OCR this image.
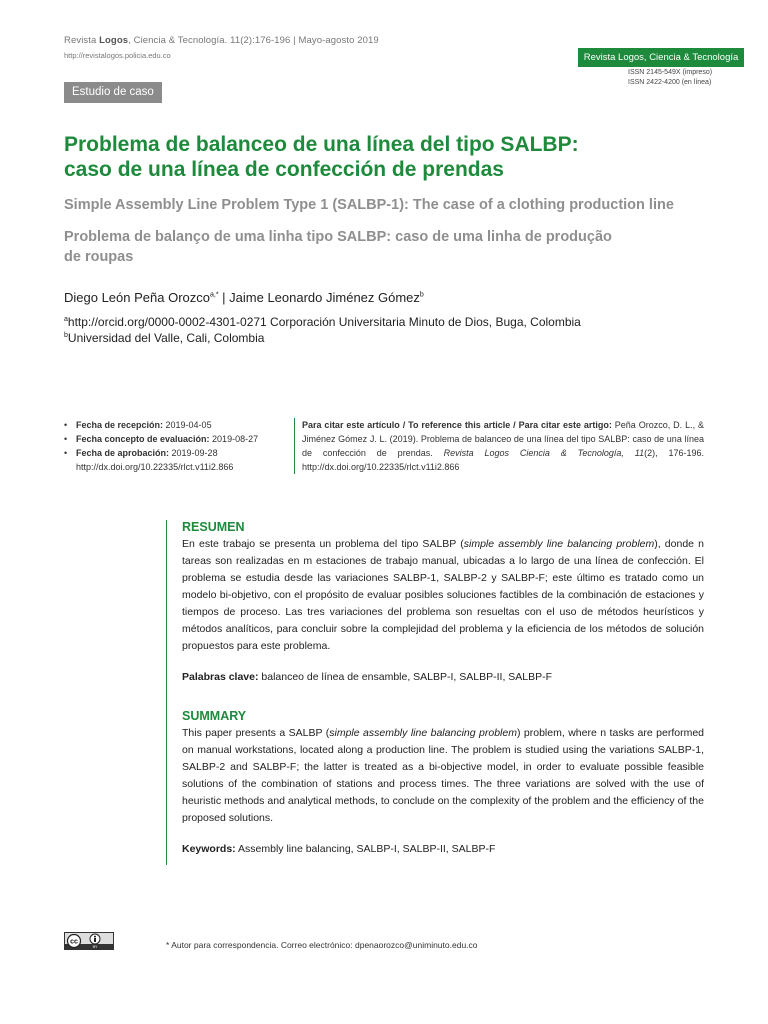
Revista Logos, Ciencia & Tecnología. 11(2):176-196 | Mayo-agosto 2019
http://revistalogos.policia.edu.co	Revista Logos, Ciencia & Tecnología
ISSN 2145-549X (impreso)
ISSN 2422-4200 (en línea)
Estudio de caso
Problema de balanceo de una línea del tipo SALBP:
caso de una línea de confección de prendas
Simple Assembly Line Problem Type 1 (SALBP-1): The case of a clothing production line
Problema de balanço de uma linha tipo SALBP: caso de uma linha de produção
de roupas
Diego León Peña Orozco$^{a,*}$ | Jaime Leonardo Jiménez Gómez$^b$
$^a$http://orcid.org/0000-0002-4301-0271 Corporación Universitaria Minuto de Dios, Buga, Colombia
$^b$Universidad del Valle, Cali, Colombia
• Fecha de recepción: 2019-04-05
• Fecha concepto de evaluación: 2019-08-27
• Fecha de aprobación: 2019-09-28
http://dx.doi.org/10.22335/rlct.v11i2.866
Para citar este artículo / To reference this article / Para citar este artigo: Peña Orozco, D. L., & Jiménez Gómez J. L. (2019). Problema de balanceo de una línea del tipo SALBP: caso de una línea de confección de prendas. Revista Logos Ciencia & Tecnología, 11(2), 176-196. http://dx.doi.org/10.22335/rlct.v11i2.866
RESUMEN
En este trabajo se presenta un problema del tipo SALBP (simple assembly line balancing problem), donde n tareas son realizadas en m estaciones de trabajo manual, ubicadas a lo largo de una línea de confección. El problema se estudia desde las variaciones SALBP-1, SALBP-2 y SALBP-F; este último es tratado como un modelo bi-objetivo, con el propósito de evaluar posibles soluciones factibles de la combinación de estaciones y tiempos de proceso. Las tres variaciones del problema son resueltas con el uso de métodos heurísticos y métodos analíticos, para concluir sobre la complejidad del problema y la eficiencia de los métodos de solución propuestos para este problema.
Palabras clave: balanceo de línea de ensamble, SALBP-I, SALBP-II, SALBP-F
SUMMARY
This paper presents a SALBP (simple assembly line balancing problem) problem, where n tasks are performed on manual workstations, located along a production line. The problem is studied using the variations SALBP-1, SALBP-2 and SALBP-F; the latter is treated as a bi-objective model, in order to evaluate possible feasible solutions of the combination of stations and process times. The three variations are solved with the use of heuristic methods and analytical methods, to conclude on the complexity of the problem and the efficiency of the proposed solutions.
Keywords: Assembly line balancing, SALBP-I, SALBP-II, SALBP-F
cc
BY	* Autor para correspondencia. Correo electrónico: dpenaorozco@uniminuto.edu.co
